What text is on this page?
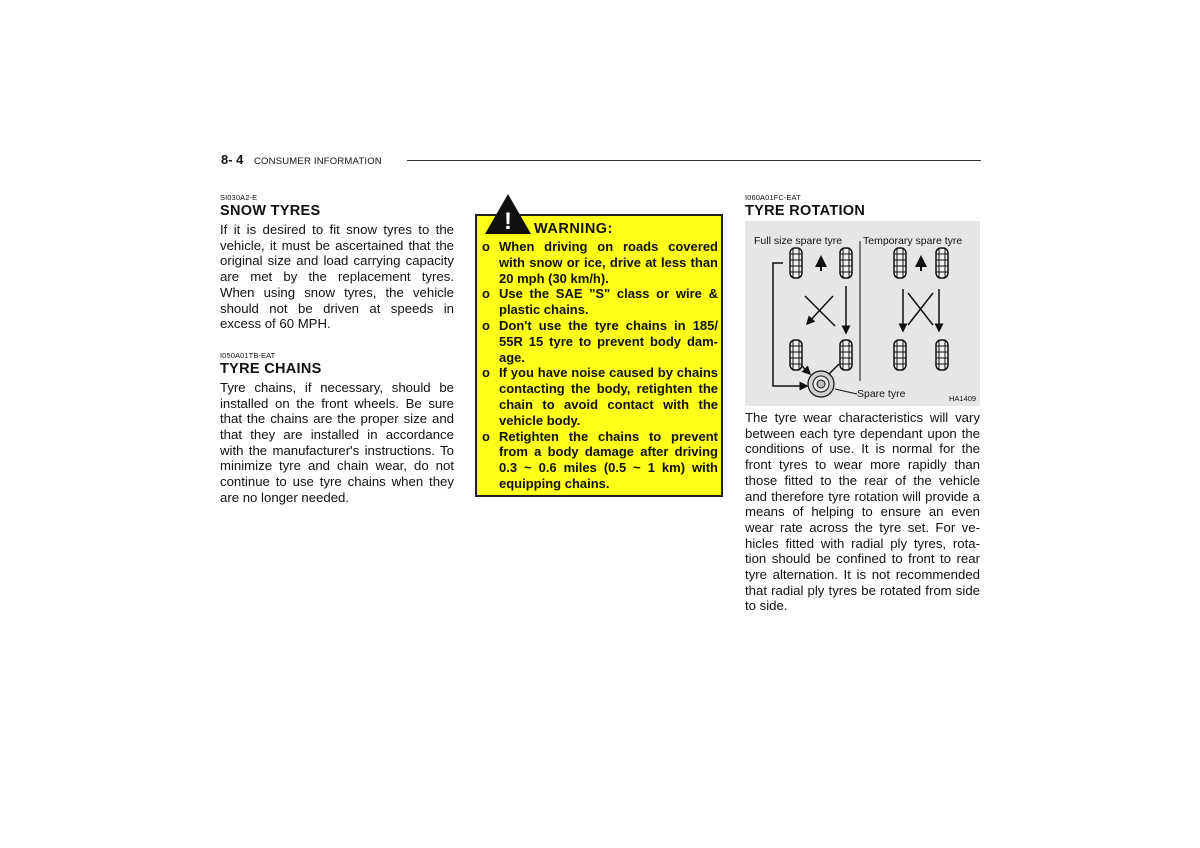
8- 4 CONSUMER INFORMATION
SI030A2-E
SNOW TYRES
If it is desired to fit snow tyres to the vehicle, it must be ascertained that the original size and load carrying capacity are met by the replacement tyres. When using snow tyres, the vehicle should not be driven at speeds in excess of 60 MPH.
I050A01TB-EAT
TYRE CHAINS
Tyre chains, if necessary, should be installed on the front wheels. Be sure that the chains are the proper size and that they are installed in accordance with the manufacturer's instructions. To minimize tyre and chain wear, do not continue to use tyre chains when they are no longer needed.
! WARNING:
o When driving on roads covered with snow or ice, drive at less than 20 mph (30 km/h).
o Use the SAE "S" class or wire & plastic chains.
o Don't use the tyre chains in 185/ 55R 15 tyre to prevent body dam- age.
o If you have noise caused by chains contacting the body, retighten the chain to avoid contact with the vehicle body.
o Retighten the chains to prevent from a body damage after driving 0.3 ~ 0.6 miles (0.5 ~ 1 km) with equipping chains.
I060A01FC-EAT
TYRE ROTATION
The tyre wear characteristics will vary between each tyre dependant upon the conditions of use. It is normal for the front tyres to wear more rapidly than those fitted to the rear of the vehicle and therefore tyre rotation will provide a means of helping to ensure an even wear rate across the tyre set. For ve- hicles fitted with radial ply tyres, rota- tion should be confined to front to rear tyre alternation. It is not recommended that radial ply tyres be rotated from side to side.
Full size spare tyre Temporary spare tyre
Spare tyre	HA1409
